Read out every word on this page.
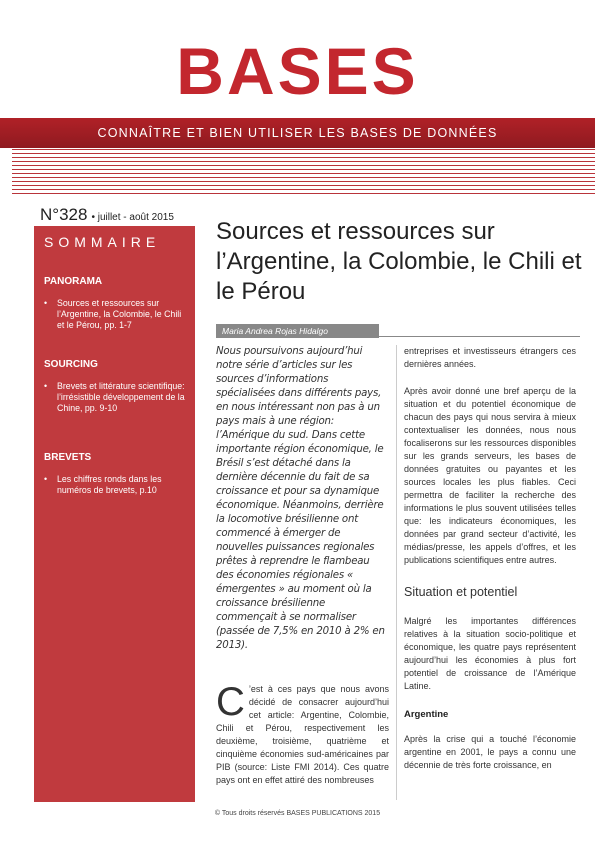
BASES
CONNAÎTRE ET BIEN UTILISER LES BASES DE DONNÉES
N°328 • juillet - août 2015
SOMMAIRE
PANORAMA
•	Sources et ressources sur l’Argentine, la Colombie, le Chili et le Pérou, pp. 1-7
SOURCING
•	Brevets et littérature scientifique: l’irrésistible développement de la Chine, pp. 9-10
BREVETS
•	Les chiffres ronds dans les numéros de brevets, p.10
Sources et ressources sur l’Argentine, la Colombie, le Chili et le Pérou
Maria Andrea Rojas Hidalgo

Nous poursuivons aujourd’hui notre série d’articles sur les sources d’informations spécialisées dans différents pays, en nous intéressant non pas à un pays mais à une région: l’Amérique du sud. Dans cette importante région économique, le Brésil s’est détaché dans la dernière décennie du fait de sa croissance et pour sa dynamique économique. Néanmoins, derrière la locomotive brésilienne ont commencé à émerger de nouvelles puissances regionales prêtes à reprendre le flambeau des économies régionales « émergentes » au moment où la croissance brésilienne commençait à se normaliser (passée de 7,5% en 2010 à 2% en 2013).

C ’est à ces pays que nous avons décidé de consacrer aujourd’hui cet article: Argentine, Colombie, Chili et Pérou, respectivement les deuxième, troisième, quatrième et cinquième économies sud-américaines par PIB (source: Liste FMI 2014). Ces quatre pays ont en effet attiré des nombreuses

entreprises et investisseurs étrangers ces dernières années.

Après avoir donné une bref aperçu de la situation et du potentiel économique de chacun des pays qui nous servira à mieux contextualiser les données, nous nous focaliserons sur les ressources disponibles sur les grands serveurs, les bases de données gratuites ou payantes et les sources locales les plus fiables. Ceci permettra de faciliter la recherche des informations le plus souvent utilisées telles que: les indicateurs économiques, les données par grand secteur d’activité, les médias/presse, les appels d’offres, et les publications scientifiques entre autres.

Situation et potentiel

Malgré les importantes différences relatives à la situation socio-politique et économique, les quatre pays représentent aujourd’hui les économies à plus fort potentiel de croissance de l’Amérique Latine.

Argentine

Après la crise qui a touché l’économie argentine en 2001, le pays a connu une décennie de très forte croissance, en

© Tous droits réservés BASES PUBLICATIONS 2015
